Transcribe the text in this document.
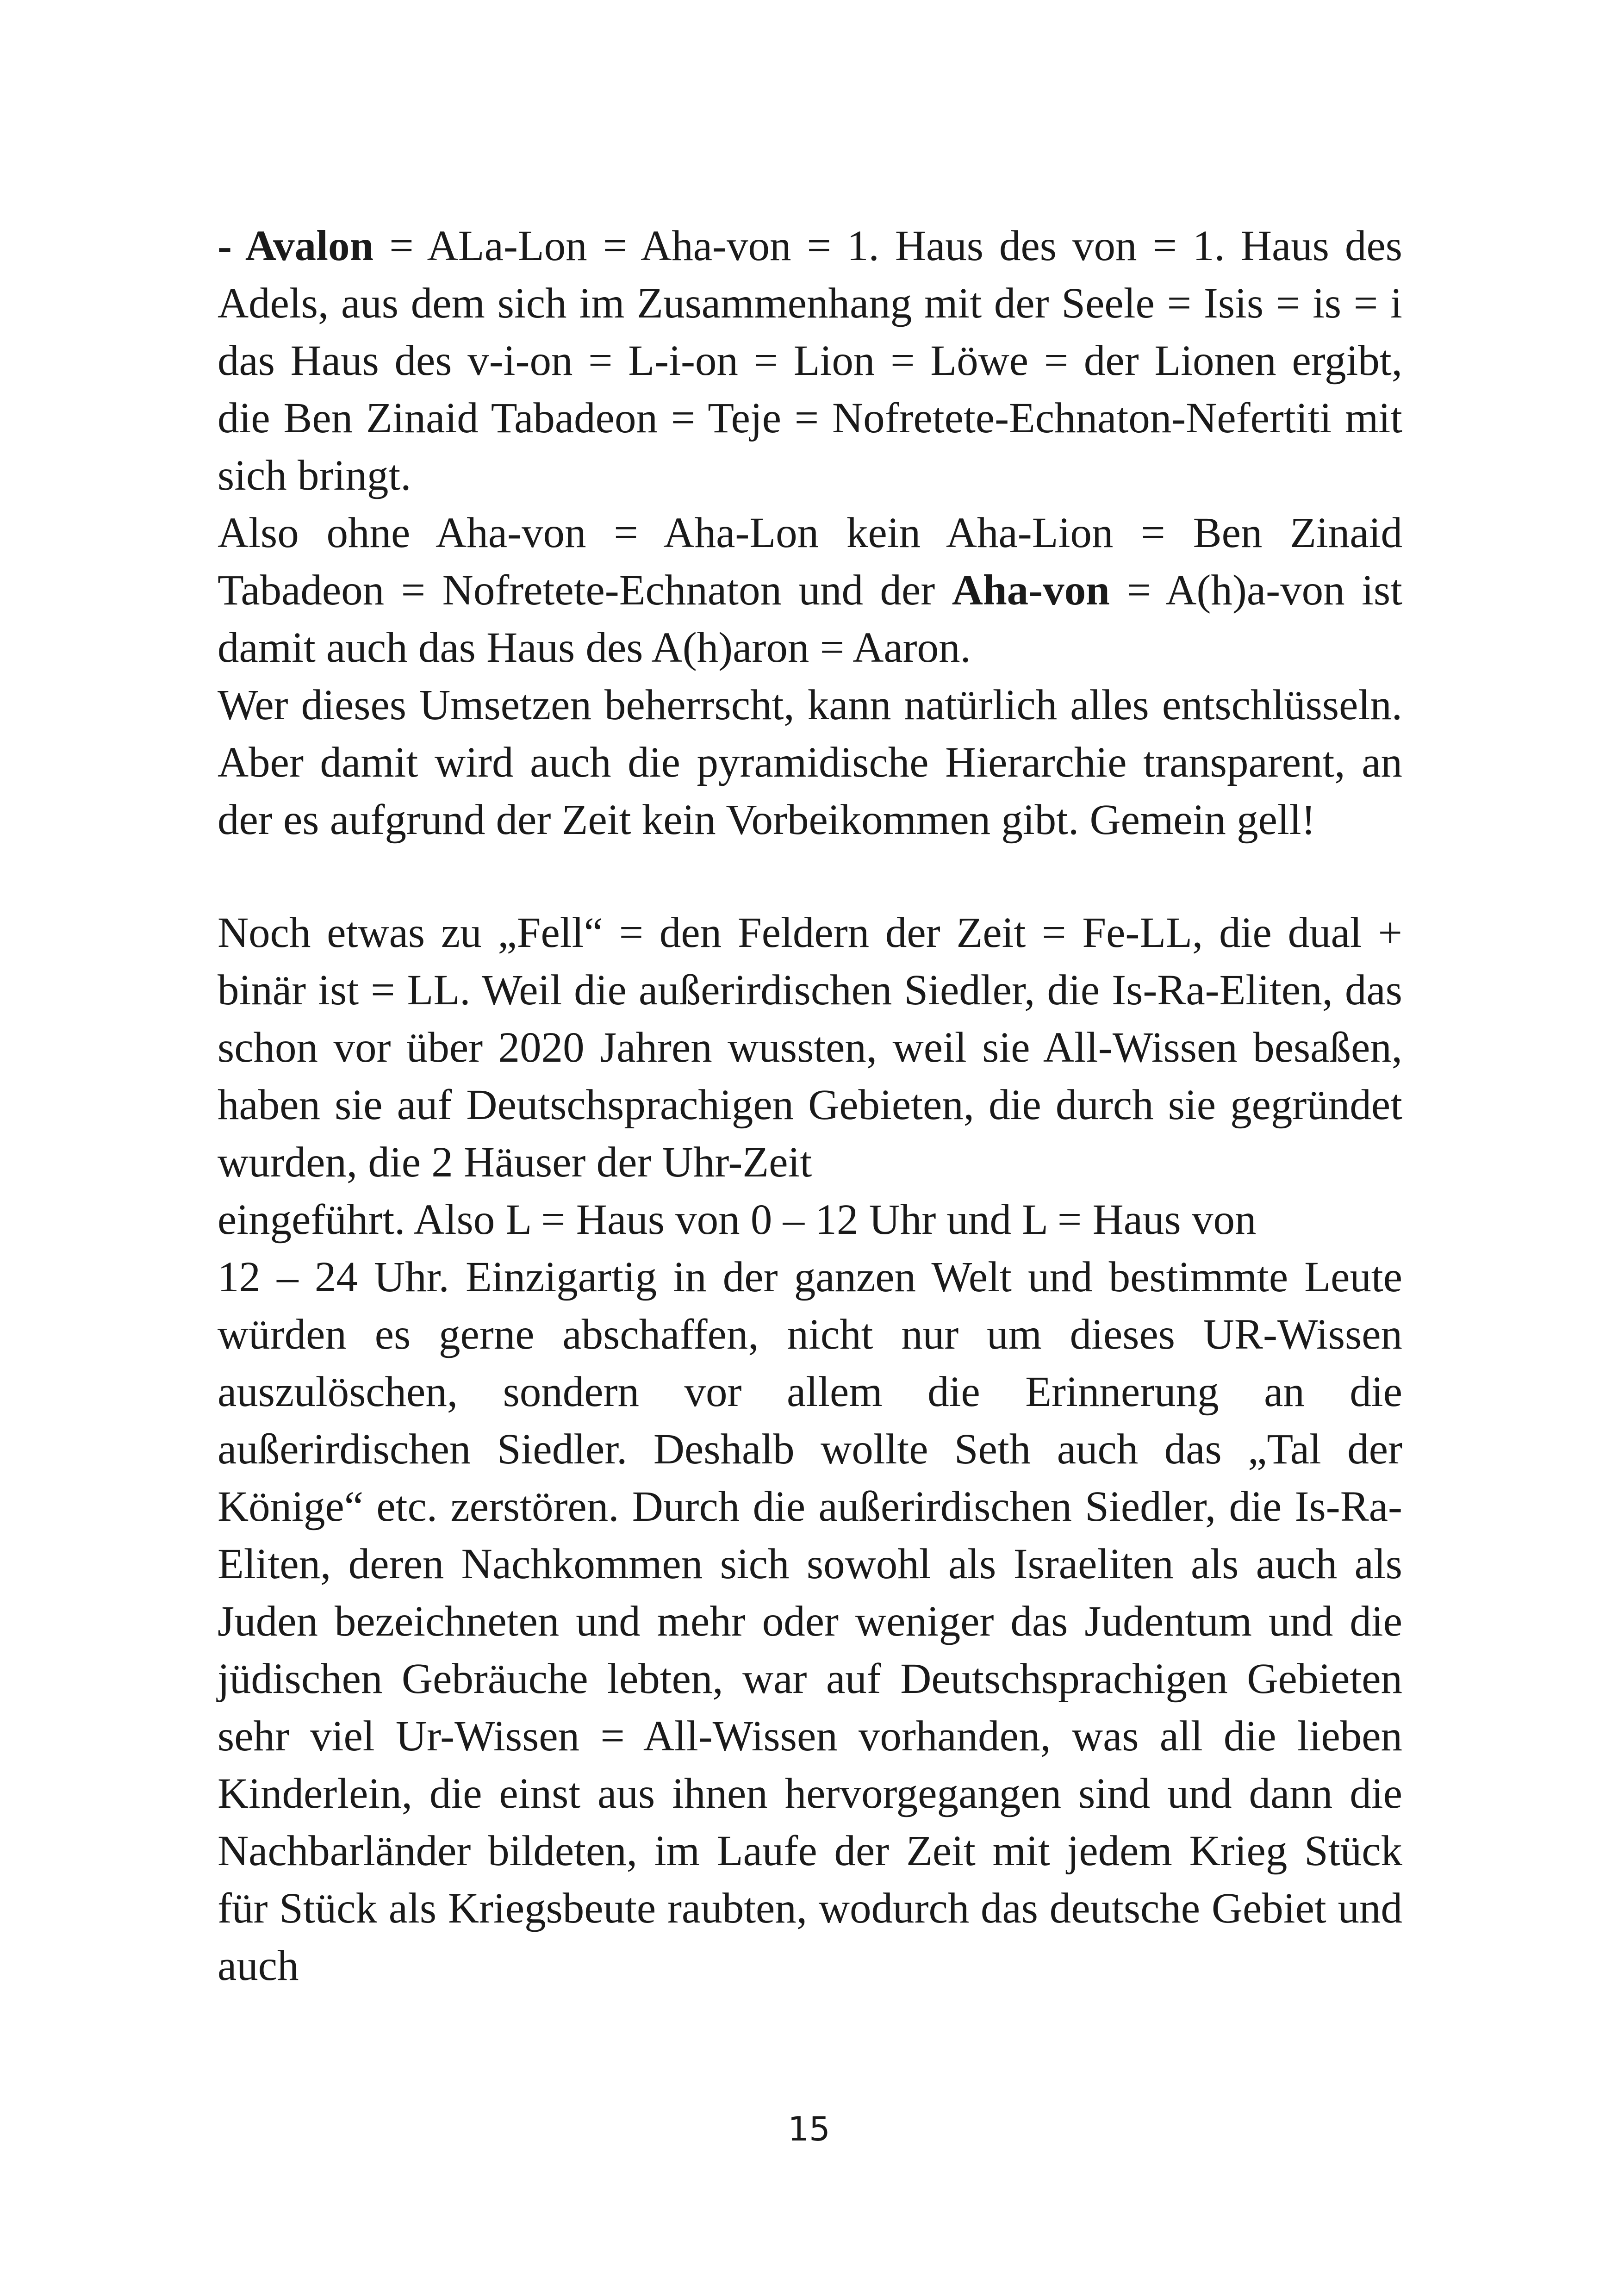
- Avalon = ALa-Lon = Aha-von = 1. Haus des von = 1. Haus des Adels, aus dem sich im Zusammenhang mit der Seele = Isis = is = i das Haus des v-i-on = L-i-on = Lion = Löwe = der Lionen ergibt, die Ben Zinaid Tabadeon = Teje = Nofretete-Echnaton-Nefertiti mit sich bringt.

Also ohne Aha-von = Aha-Lon kein Aha-Lion = Ben Zinaid Tabadeon = Nofretete-Echnaton und der Aha-von = A(h)a-von ist damit auch das Haus des A(h)aron = Aaron.

Wer dieses Umsetzen beherrscht, kann natürlich alles entschlüsseln. Aber damit wird auch die pyramidische Hierarchie transparent, an der es aufgrund der Zeit kein Vorbeikommen gibt. Gemein gell!

Noch etwas zu „Fell“ = den Feldern der Zeit = Fe-LL, die dual + binär ist = LL. Weil die außerirdischen Siedler, die Is-Ra-Eliten, das schon vor über 2020 Jahren wussten, weil sie All-Wissen besaßen, haben sie auf Deutschsprachigen Gebieten, die durch sie gegründet wurden, die 2 Häuser der Uhr-Zeit
eingeführt. Also L = Haus von 0 – 12 Uhr und L = Haus von
12 – 24 Uhr. Einzigartig in der ganzen Welt und bestimmte Leute würden es gerne abschaffen, nicht nur um dieses UR-Wissen auszulöschen, sondern vor allem die Erinnerung an die außerirdischen Siedler. Deshalb wollte Seth auch das „Tal der Könige“ etc. zerstören. Durch die außerirdischen Siedler, die Is-Ra-Eliten, deren Nachkommen sich sowohl als Israeliten als auch als Juden bezeichneten und mehr oder weniger das Judentum und die jüdischen Gebräuche lebten, war auf Deutschsprachigen Gebieten sehr viel Ur-Wissen = All-Wissen vorhanden, was all die lieben Kinderlein, die einst aus ihnen hervorgegangen sind und dann die Nachbarländer bildeten, im Laufe der Zeit mit jedem Krieg Stück für Stück als Kriegsbeute raubten, wodurch das deutsche Gebiet und auch

15
